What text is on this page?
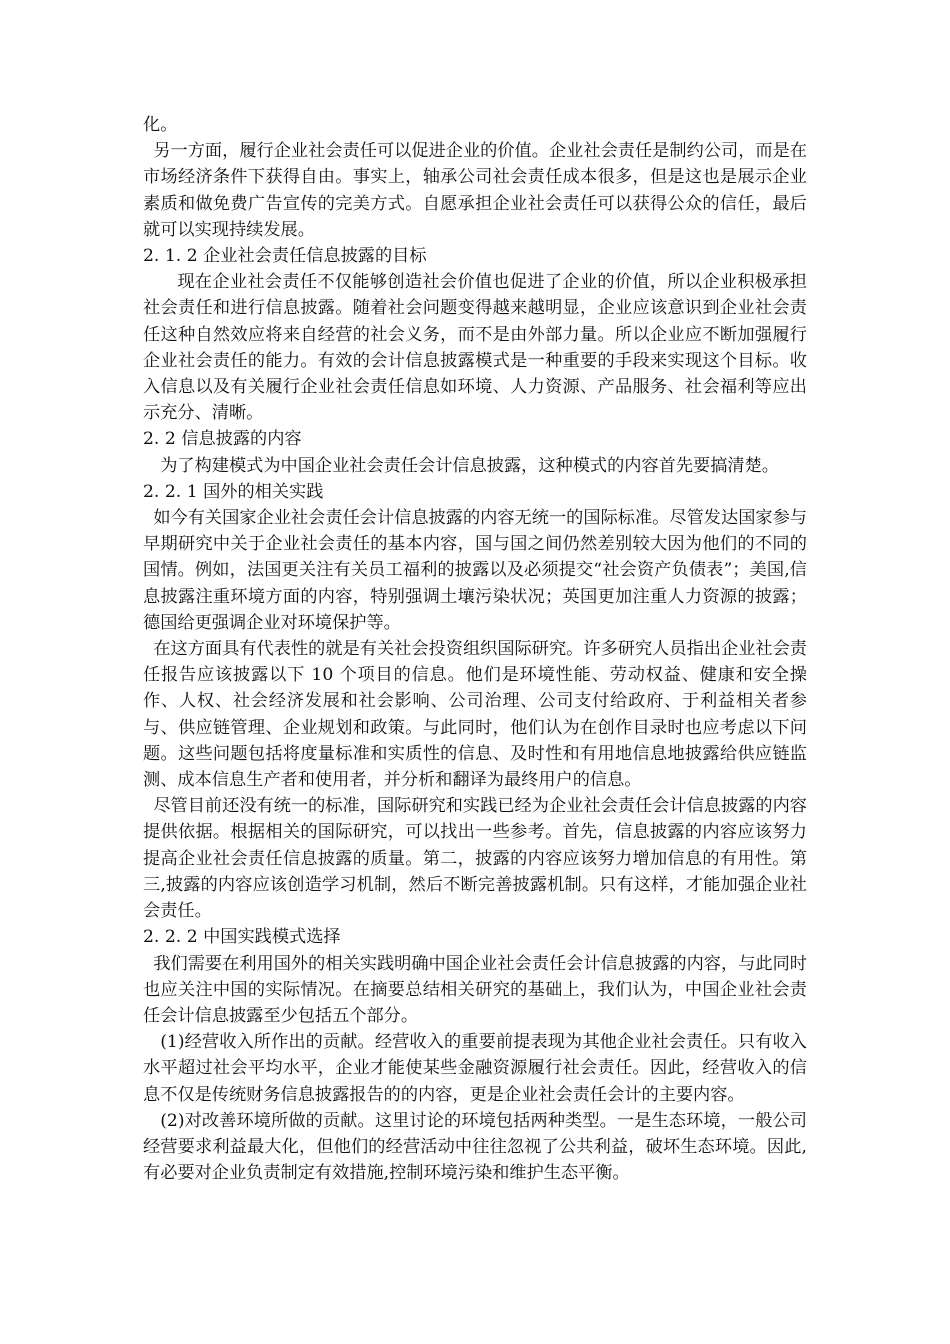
化。

另一方面，履行企业社会责任可以促进企业的价值。企业社会责任是制约公司，而是在市场经济条件下获得自由。事实上，轴承公司社会责任成本很多，但是这也是展示企业素质和做免费广告宣传的完美方式。自愿承担企业社会责任可以获得公众的信任，最后就可以实现持续发展。

2. 1. 2 企业社会责任信息披露的目标

现在企业社会责任不仅能够创造社会价值也促进了企业的价值，所以企业积极承担社会责任和进行信息披露。随着社会问题变得越来越明显，企业应该意识到企业社会责任这种自然效应将来自经营的社会义务，而不是由外部力量。所以企业应不断加强履行企业社会责任的能力。有效的会计信息披露模式是一种重要的手段来实现这个目标。收入信息以及有关履行企业社会责任信息如环境、人力资源、产品服务、社会福利等应出示充分、清晰。

2. 2 信息披露的内容

为了构建模式为中国企业社会责任会计信息披露，这种模式的内容首先要搞清楚。

2. 2. 1 国外的相关实践

如今有关国家企业社会责任会计信息披露的内容无统一的国际标准。尽管发达国家参与早期研究中关于企业社会责任的基本内容，国与国之间仍然差别较大因为他们的不同的国情。例如，法国更关注有关员工福利的披露以及必须提交“社会资产负债表”；美国,信息披露注重环境方面的内容，特别强调土壤污染状况；英国更加注重人力资源的披露；德国给更强调企业对环境保护等。

在这方面具有代表性的就是有关社会投资组织国际研究。许多研究人员指出企业社会责任报告应该披露以下 10 个项目的信息。他们是环境性能、劳动权益、健康和安全操作、人权、社会经济发展和社会影响、公司治理、公司支付给政府、于利益相关者参与、供应链管理、企业规划和政策。与此同时，他们认为在创作目录时也应考虑以下问题。这些问题包括将度量标准和实质性的信息、及时性和有用地信息地披露给供应链监测、成本信息生产者和使用者，并分析和翻译为最终用户的信息。

尽管目前还没有统一的标准，国际研究和实践已经为企业社会责任会计信息披露的内容提供依据。根据相关的国际研究，可以找出一些参考。首先，信息披露的内容应该努力提高企业社会责任信息披露的质量。第二，披露的内容应该努力增加信息的有用性。第三,披露的内容应该创造学习机制，然后不断完善披露机制。只有这样，才能加强企业社会责任。

2. 2. 2 中国实践模式选择

我们需要在利用国外的相关实践明确中国企业社会责任会计信息披露的内容，与此同时也应关注中国的实际情况。在摘要总结相关研究的基础上，我们认为，中国企业社会责任会计信息披露至少包括五个部分。

(1)经营收入所作出的贡献。经营收入的重要前提表现为其他企业社会责任。只有收入水平超过社会平均水平，企业才能使某些金融资源履行社会责任。因此，经营收入的信息不仅是传统财务信息披露报告的的内容，更是企业社会责任会计的主要内容。

(2)对改善环境所做的贡献。这里讨论的环境包括两种类型。一是生态环境，一般公司经营要求利益最大化，但他们的经营活动中往往忽视了公共利益，破坏生态环境。因此,有必要对企业负责制定有效措施,控制环境污染和维护生态平衡。
